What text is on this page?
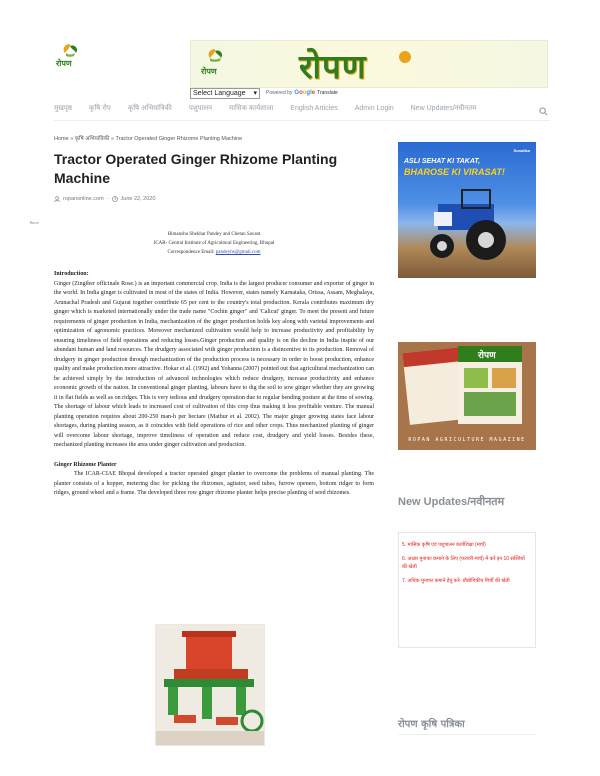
रोपण
रोपण रोपण
Select Language ▾ Powered by Google Translate
मुखपृष्ठ कृषि रोप कृषि अभियांत्रिकी पशुपालन मासिक कार्यशाला English Articles Admin Login New Updates/नवीनतम
Home » कृषि अभियांत्रिकी » Tractor Operated Ginger Rhizome Planting Machine
Tractor Operated Ginger Rhizome Planting Machine
ropanonline.com · June 22, 2020
Ro ro
Himanshu Shekhar Pandey and Chetan Savant
ICAR- Central Institute of Agricultural Engineering, Bhopal
Correspondence Email: pandeyhs@gmail.com

Introduction:

Ginger (Zingiber officinale Rose.) is an important commercial crop. India is the largest producer consumer and exporter of ginger in the world. In India ginger is cultivated in most of the states of India. However, states namely Karnataka, Orissa, Assam, Meghalaya, Arunachal Pradesh and Gujarat together contribute 65 per cent to the country's total production. Kerala contributes maximum dry ginger which is marketed internationally under the trade name "Cochin ginger" and 'Calicut' ginger. To meet the present and future requirements of ginger production in India, mechanization of the ginger production holds key along with varietal improvements and optimization of agronomic practices. Moreover mechanized cultivation would help to increase productivity and profitability by ensuring timeliness of field operations and reducing losses.Ginger production and quality is on the decline in India inspite of our abundant human and land resources. The drudgery associated with ginger production is a disincentive to its production. Removal of drudgery in ginger production through mechanization of the production process is necessary in order to boost production, enhance quality and make production more attractive. Hokar et al. (1992) and Yohanna (2007) pointed out that agricultural mechanization can be achieved simply by the introduction of advanced technologies which reduce drudgery, increase productivity and enhance economic growth of the nation. In conventional ginger planting, labours have to dig the soil to sow ginger whether they are growing it in flat fields as well as on ridges. This is very tedious and drudgery operation due to regular bending posture at the time of sowing. The shortage of labour which leads to increased cost of cultivation of this crop thus making it less profitable venture. The manual planting operation requires about 200-250 man-h per hectare (Mathur et al. 2002). The major ginger growing states face labour shortages, during planting season, as it coincides with field operations of rice and other crops. Thus mechanized planting of ginger will overcome labour shortage, improve timeliness of operation and reduce cost, drudgery and yield losses. Besides these, mechanized planting increases the area under ginger cultivation and production.

Ginger Rhizome Planter

The ICAR-CIAE Bhopal developed a tractor operated ginger planter to overcome the problems of manual planting. The planter consists of a hopper, metering disc for picking the rhizomes, agitator, seed tubes, furrow openers, bottom ridger to form ridges, ground wheel and a frame. The developed three row ginger rhizome planter helps precise planting of seed rhizomes.

Sonalika
ASLI SEHAT KI TAKAT,
BHAROSE KI VIRASAT!
रोपण
ROPAN AGRICULTURE MAGAZINE
New Updates/नवीनतम
5. मासिक कृषि एवं पशुपालन कार्यशिक्षा (मार्च)
6. अच्छा मुनाफा कमाने के लिए (फरवरी-मार्च) में करें इन 10 सब्जियों की खेती
7. अधिक मुनाफा कमाने हेतु करें- प्रौद्योगिकीय मिर्ची की खेती
रोपण कृषि पत्रिका
